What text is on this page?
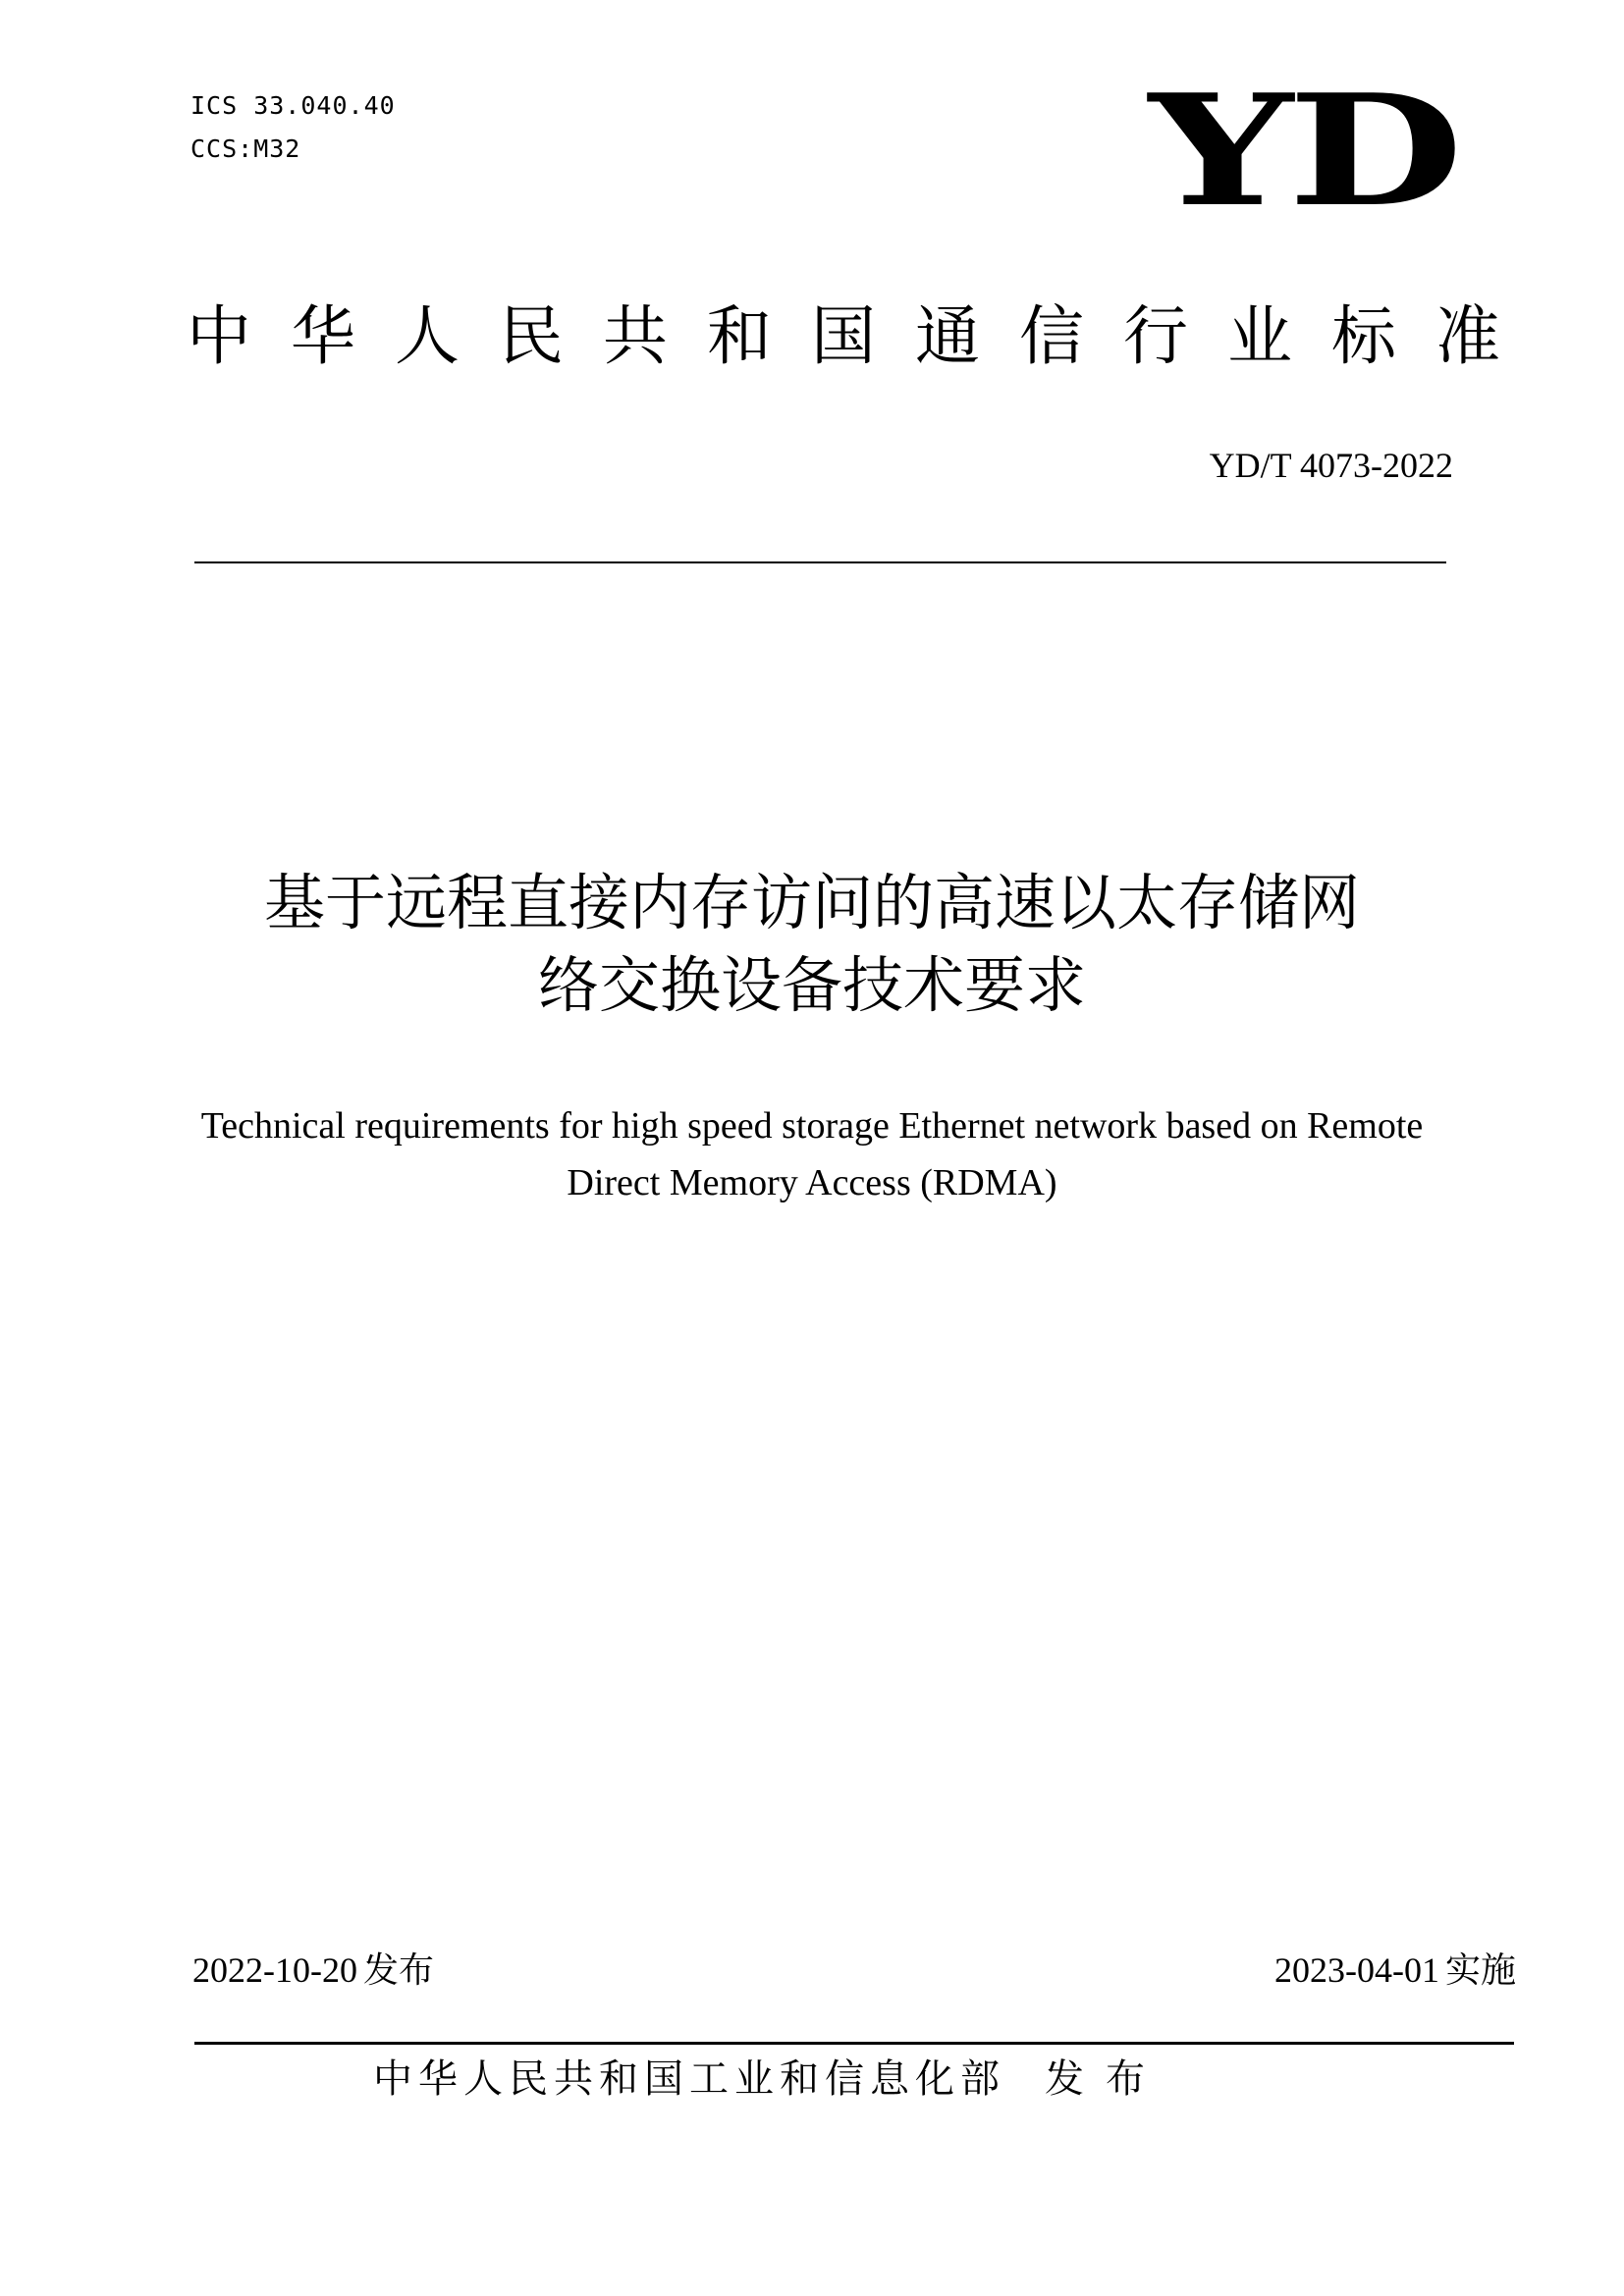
ICS 33.040.40
CCS:M32	YD
中华人民共和国通信行业标准
YD/T 4073-2022
基于远程直接内存访问的高速以太存储网
络交换设备技术要求
Technical requirements for high speed storage Ethernet network based on Remote
Direct Memory Access (RDMA)
2022-10-20 发布	2023-04-01 实施
中华人民共和国工业和信息化部 发布
